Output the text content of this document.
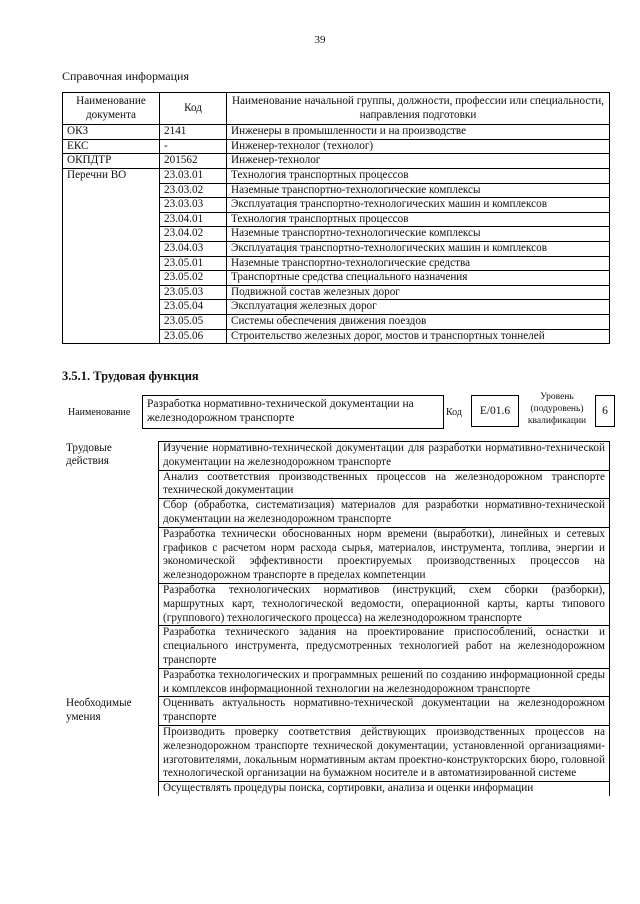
39
Справочная информация
Наименование документа	Код	Наименование начальной группы, должности, профессии или специальности, направления подготовки
ОКЗ	2141	Инженеры в промышленности и на производстве
ЕКС	-	Инженер-технолог (технолог)
ОКПДТР	201562	Инженер-технолог
Перечни ВО	23.03.01	Технология транспортных процессов
	23.03.02	Наземные транспортно-технологические комплексы
	23.03.03	Эксплуатация транспортно-технологических машин и комплексов
	23.04.01	Технология транспортных процессов
	23.04.02	Наземные транспортно-технологические комплексы
	23.04.03	Эксплуатация транспортно-технологических машин и комплексов
	23.05.01	Наземные транспортно-технологические средства
	23.05.02	Транспортные средства специального назначения
	23.05.03	Подвижной состав железных дорог
	23.05.04	Эксплуатация железных дорог
	23.05.05	Системы обеспечения движения поездов
	23.05.06	Строительство железных дорог, мостов и транспортных тоннелей
3.5.1. Трудовая функция
Наименование
Разработка нормативно-технической документации на железнодорожном транспорте	Код	E/01.6
Уровень (подуровень) квалификации
6
Трудовые действия	Изучение нормативно-технической документации для разработки нормативно-технической документации на железнодорожном транспорте
	Анализ соответствия производственных процессов на железнодорожном транспорте технической документации
	Сбор (обработка, систематизация) материалов для разработки нормативно-технической документации на железнодорожном транспорте
	Разработка технически обоснованных норм времени (выработки), линейных и сетевых графиков с расчетом норм расхода сырья, материалов, инструмента, топлива, энергии и экономической эффективности проектируемых производственных процессов на железнодорожном транспорте в пределах компетенции
	Разработка технологических нормативов (инструкций, схем сборки (разборки), маршрутных карт, технологической ведомости, операционной карты, карты типового (группового) технологического процесса) на железнодорожном транспорте
	Разработка технического задания на проектирование приспособлений, оснастки и специального инструмента, предусмотренных технологией работ на железнодорожном транспорте
	Разработка технологических и программных решений по созданию информационной среды и комплексов информационной технологии на железнодорожном транспорте
Необходимые умения	Оценивать актуальность нормативно-технической документации на железнодорожном транспорте
	Производить проверку соответствия действующих производственных процессов на железнодорожном транспорте технической документации, установленной организациями-изготовителями, локальным нормативным актам проектно-конструкторских бюро, головной технологической организации на бумажном носителе и в автоматизированной системе
	Осуществлять процедуры поиска, сортировки, анализа и оценки информации
